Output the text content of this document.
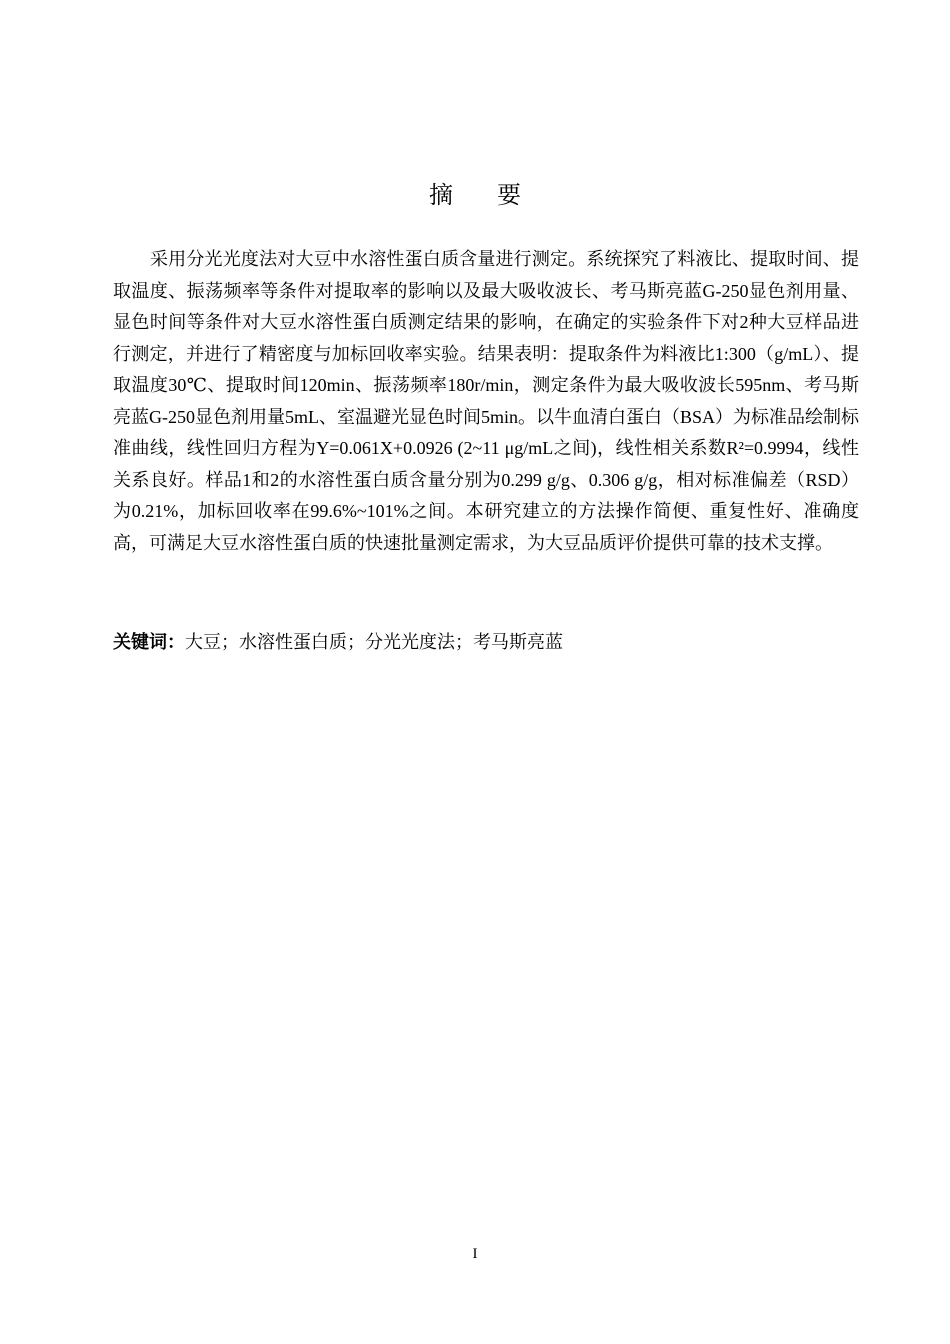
摘要

采用分光光度法对大豆中水溶性蛋白质含量进行测定。系统探究了料液比、提取时间、提取温度、振荡频率等条件对提取率的影响以及最大吸收波长、考马斯亮蓝G-250显色剂用量、显色时间等条件对大豆水溶性蛋白质测定结果的影响，在确定的实验条件下对2种大豆样品进行测定，并进行了精密度与加标回收率实验。结果表明：提取条件为料液比1:300（g/mL）、提取温度30℃、提取时间120min、振荡频率180r/min，测定条件为最大吸收波长595nm、考马斯亮蓝G-250显色剂用量5mL、室温避光显色时间5min。以牛血清白蛋白（BSA）为标准品绘制标准曲线，线性回归方程为Y=0.061X+0.0926 (2~11 μg/mL之间)，线性相关系数R²=0.9994，线性关系良好。样品1和2的水溶性蛋白质含量分别为0.299 g/g、0.306 g/g，相对标准偏差（RSD）为0.21%，加标回收率在99.6%~101%之间。本研究建立的方法操作简便、重复性好、准确度高，可满足大豆水溶性蛋白质的快速批量测定需求，为大豆品质评价提供可靠的技术支撑。

关键词：大豆；水溶性蛋白质；分光光度法；考马斯亮蓝

I
